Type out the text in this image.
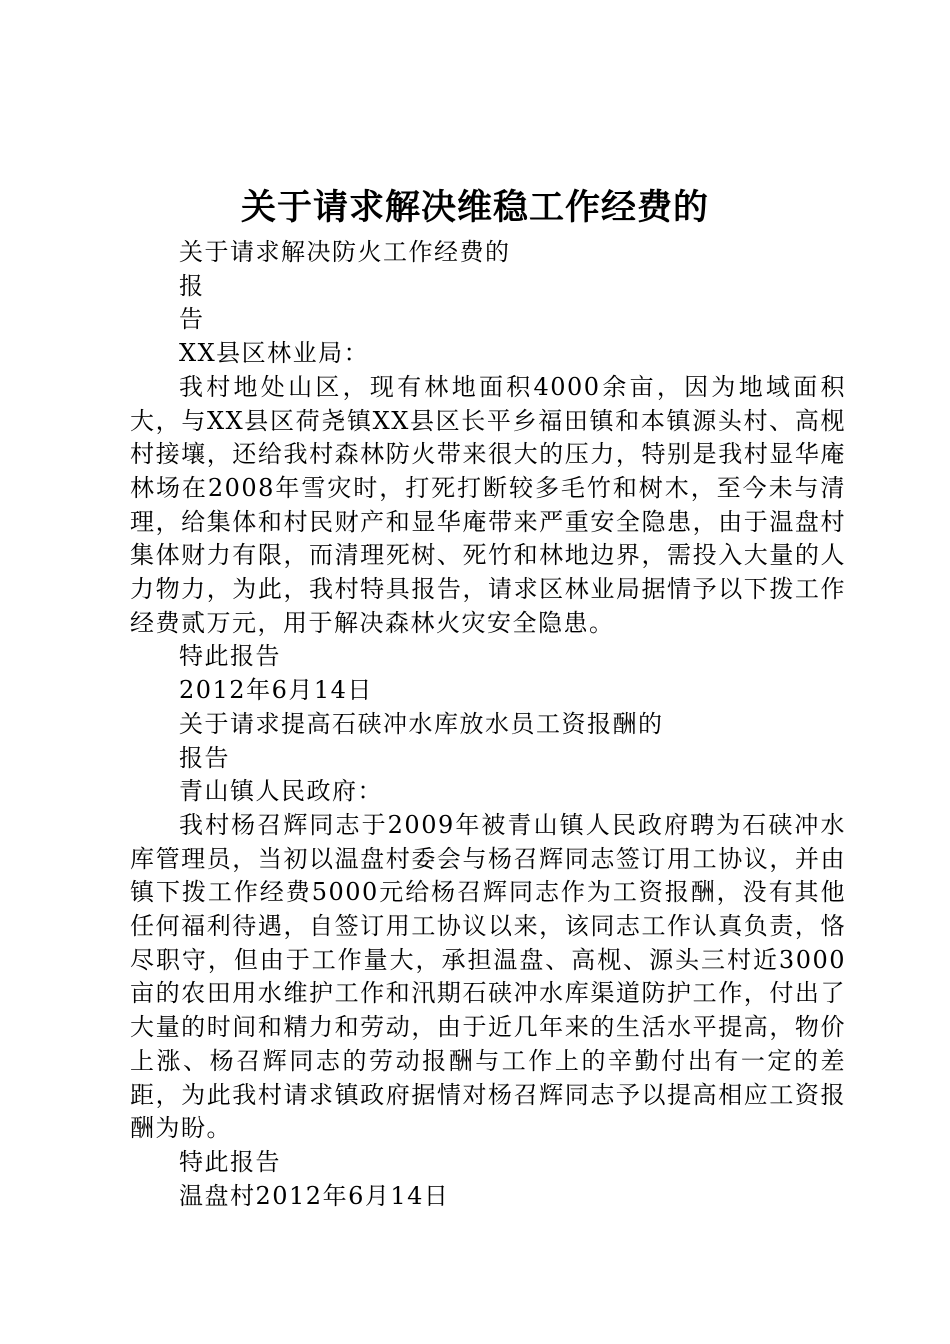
关于请求解决维稳工作经费的
关于请求解决防火工作经费的
报
告
XX县区林业局：
我村地处山区，现有林地面积4000余亩，因为地域面积大，与XX县区荷尧镇XX县区长平乡福田镇和本镇源头村、高枧村接壤，还给我村森林防火带来很大的压力，特别是我村显华庵林场在2008年雪灾时，打死打断较多毛竹和树木，至今未与清理，给集体和村民财产和显华庵带来严重安全隐患，由于温盘村集体财力有限，而清理死树、死竹和林地边界，需投入大量的人力物力，为此，我村特具报告，请求区林业局据情予以下拨工作经费贰万元，用于解决森林火灾安全隐患。
特此报告
2012年6月14日
关于请求提高石硖冲水库放水员工资报酬的
报告
青山镇人民政府：
我村杨召辉同志于2009年被青山镇人民政府聘为石硖冲水库管理员，当初以温盘村委会与杨召辉同志签订用工协议，并由镇下拨工作经费5000元给杨召辉同志作为工资报酬，没有其他任何福利待遇，自签订用工协议以来，该同志工作认真负责，恪尽职守，但由于工作量大，承担温盘、高枧、源头三村近3000亩的农田用水维护工作和汛期石硖冲水库渠道防护工作，付出了大量的时间和精力和劳动，由于近几年来的生活水平提高，物价上涨、杨召辉同志的劳动报酬与工作上的辛勤付出有一定的差距，为此我村请求镇政府据情对杨召辉同志予以提高相应工资报酬为盼。
特此报告
温盘村2012年6月14日
